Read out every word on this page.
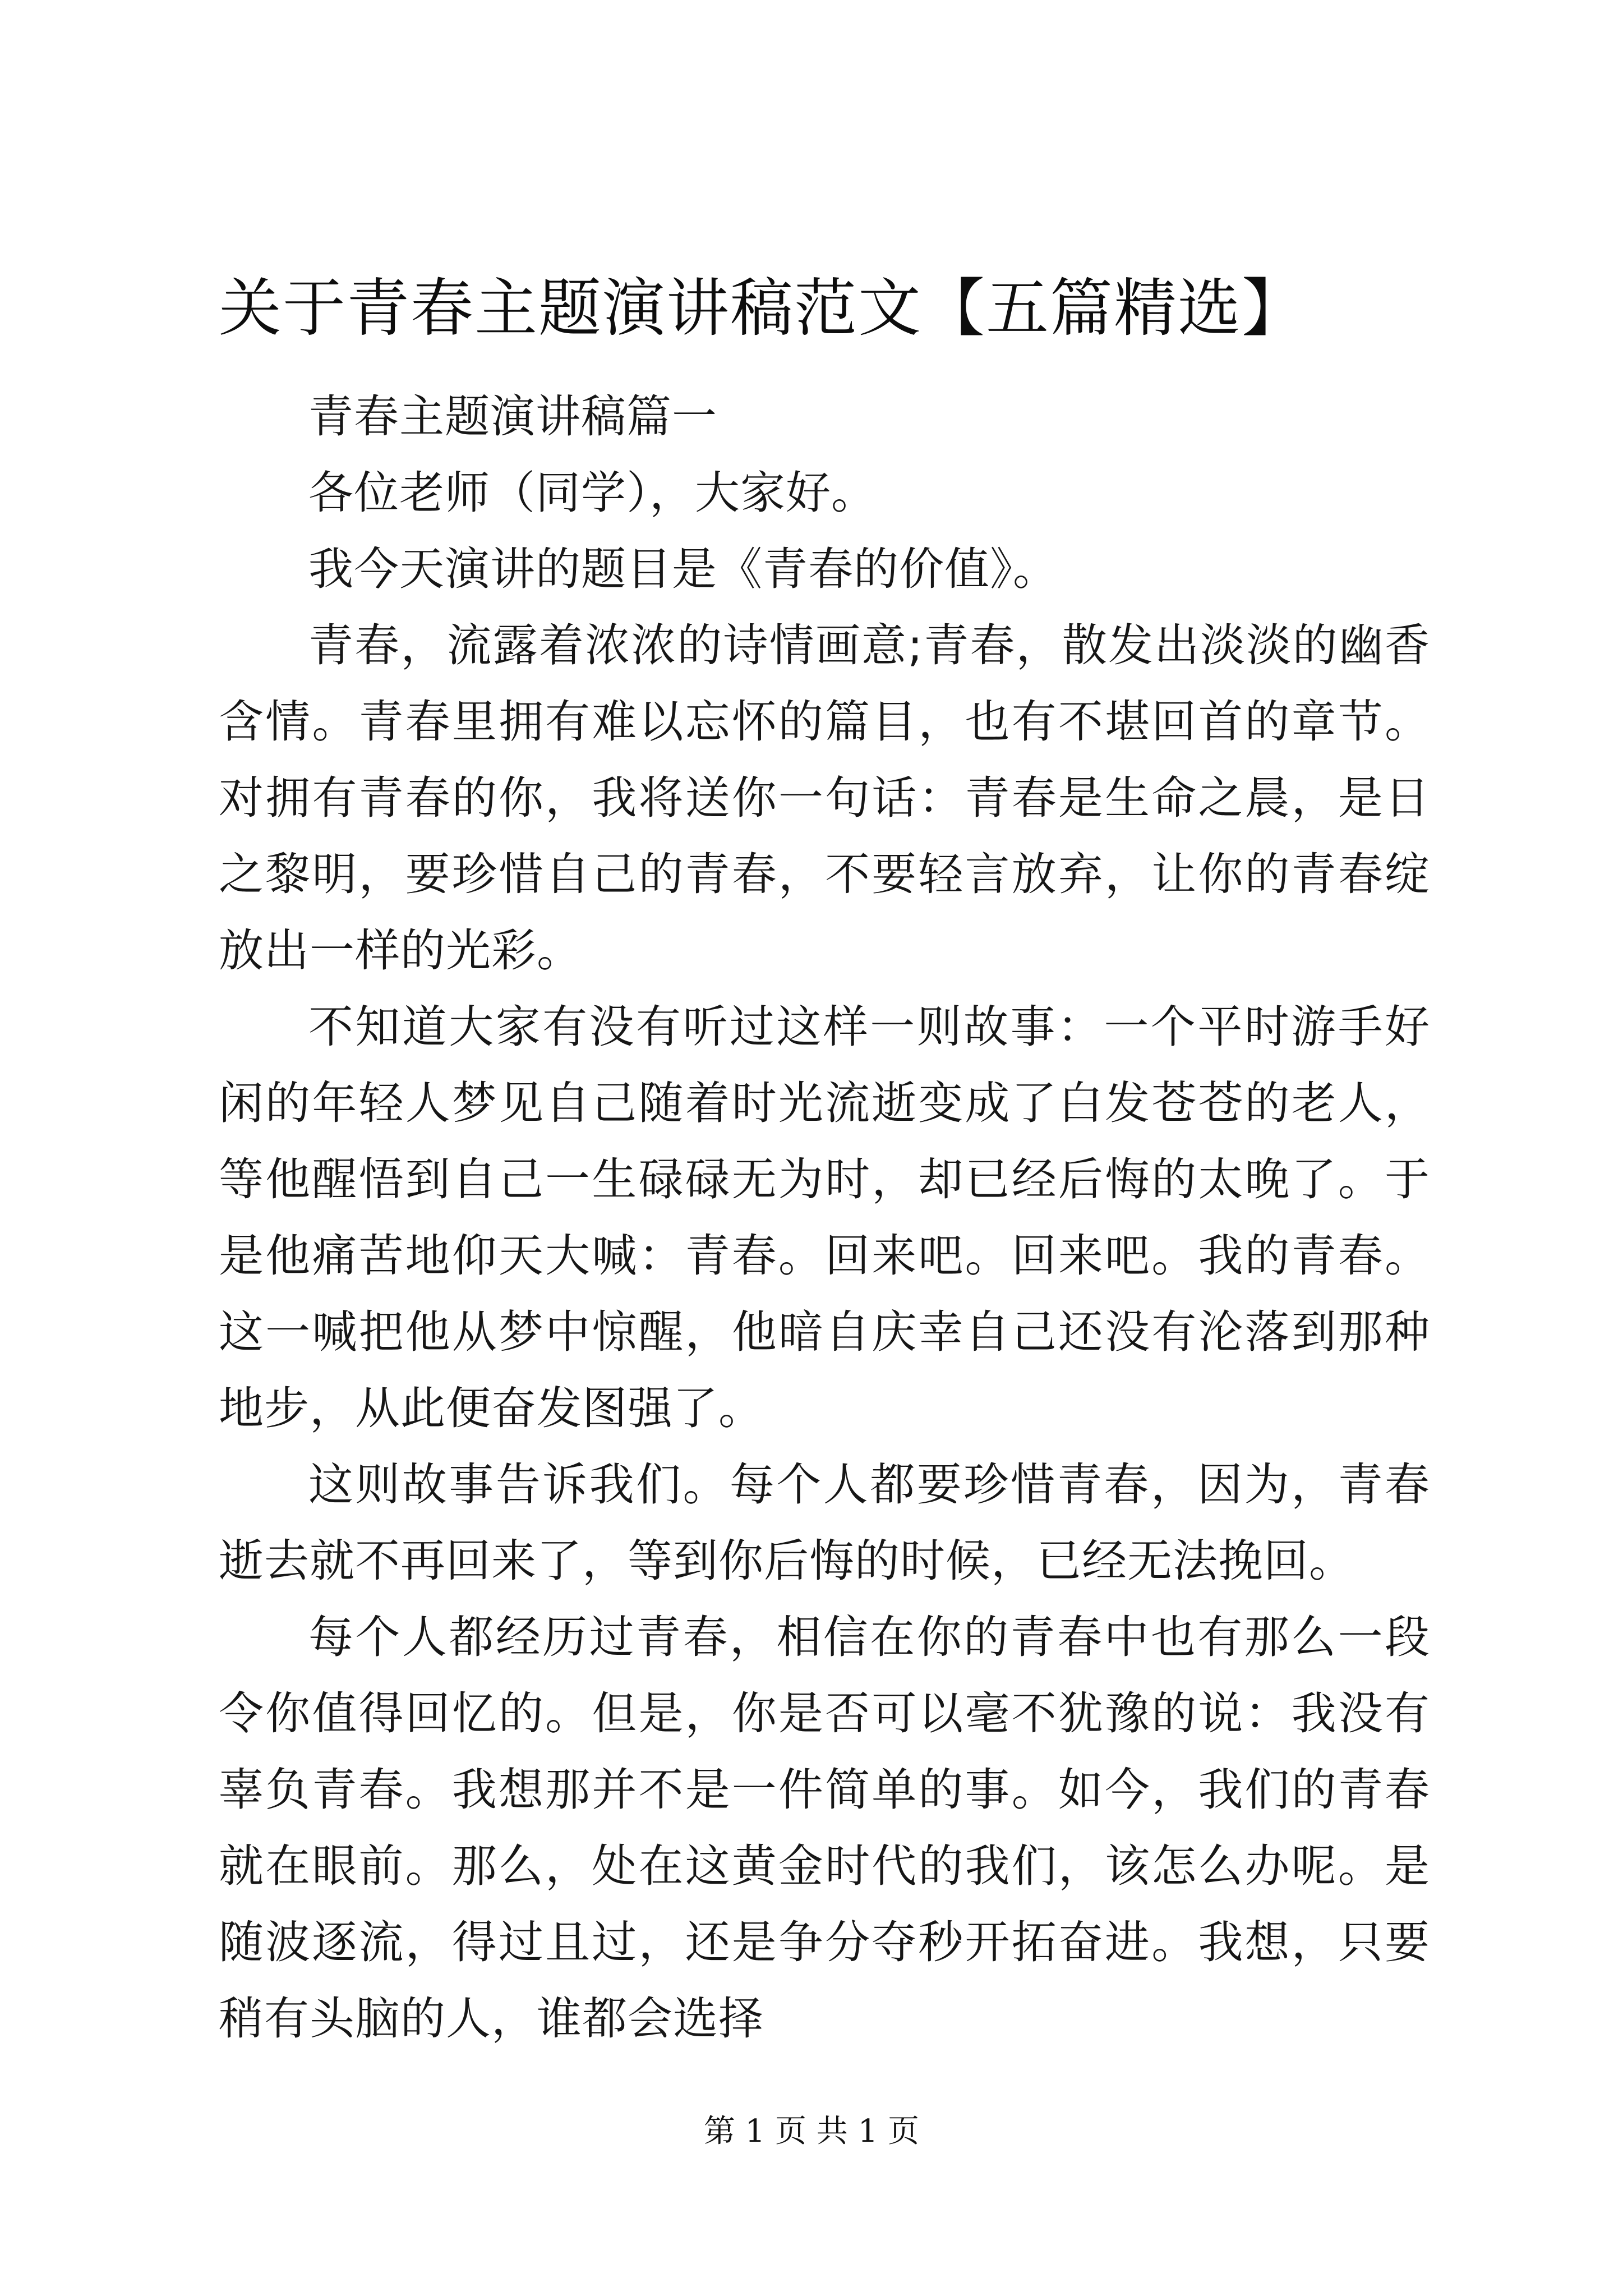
关于青春主题演讲稿范文【五篇精选】

青春主题演讲稿篇一

各位老师（同学），大家好。

我今天演讲的题目是《青春的价值》。

青春，流露着浓浓的诗情画意;青春，散发出淡淡的幽香含情。青春里拥有难以忘怀的篇目，也有不堪回首的章节。对拥有青春的你，我将送你一句话：青春是生命之晨，是日之黎明，要珍惜自己的青春，不要轻言放弃，让你的青春绽放出一样的光彩。

不知道大家有没有听过这样一则故事：一个平时游手好闲的年轻人梦见自己随着时光流逝变成了白发苍苍的老人，等他醒悟到自己一生碌碌无为时，却已经后悔的太晚了。于是他痛苦地仰天大喊：青春。回来吧。回来吧。我的青春。这一喊把他从梦中惊醒，他暗自庆幸自己还没有沦落到那种地步，从此便奋发图强了。

这则故事告诉我们。每个人都要珍惜青春，因为，青春逝去就不再回来了，等到你后悔的时候，已经无法挽回。

每个人都经历过青春，相信在你的青春中也有那么一段令你值得回忆的。但是，你是否可以毫不犹豫的说：我没有辜负青春。我想那并不是一件简单的事。如今，我们的青春就在眼前。那么，处在这黄金时代的我们，该怎么办呢。是随波逐流，得过且过，还是争分夺秒开拓奋进。我想，只要稍有头脑的人，谁都会选择

第 1 页 共 1 页
